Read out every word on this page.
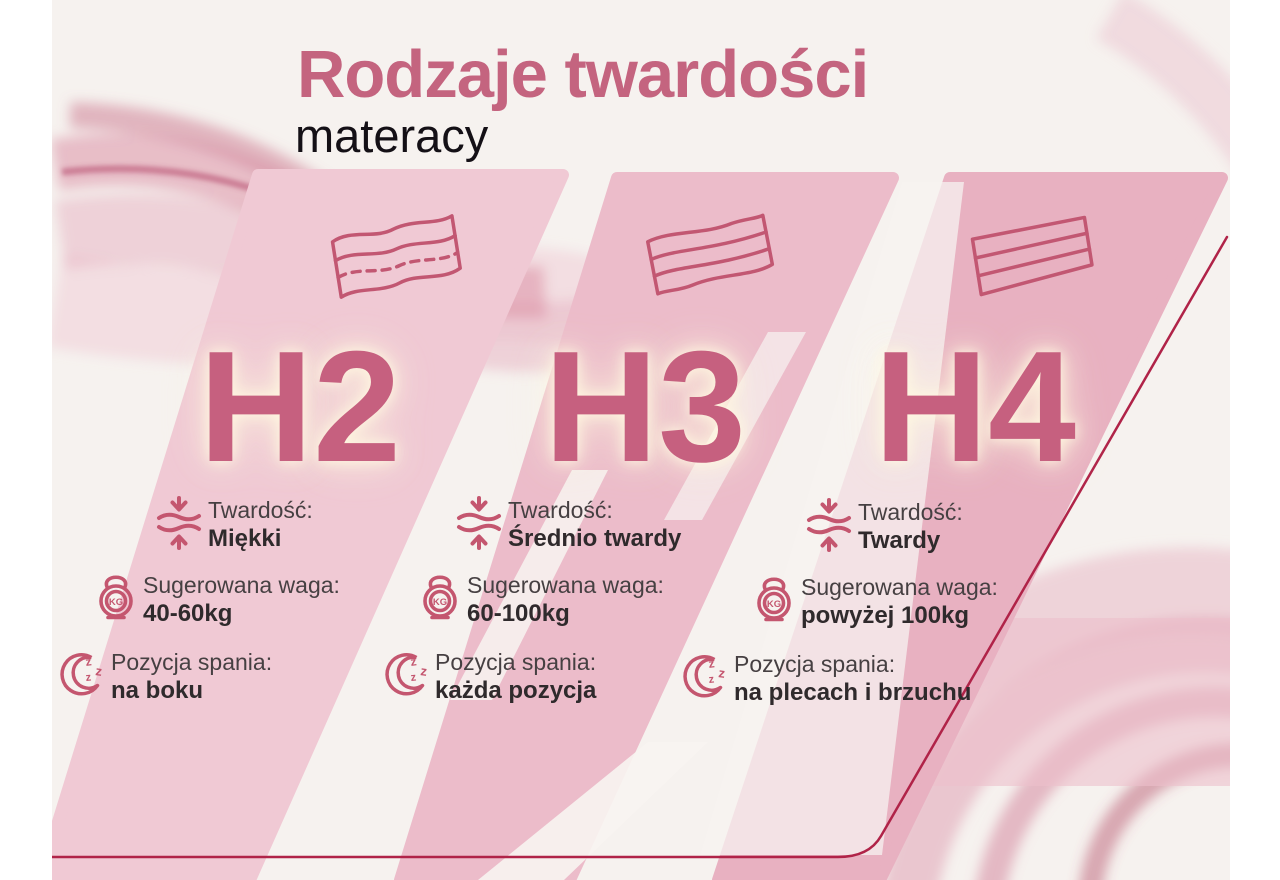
Rodzaje twardości
materacy
H2 H3 H4
Twardość:
Miękki
KG
Sugerowana waga:
40-60kg
z
z
z
Pozycja spania:
na boku
Twardość:
Średnio twardy
KG
Sugerowana waga:
60-100kg
z
z
z
Pozycja spania:
każda pozycja
Twardość:
Twardy
KG
Sugerowana waga:
powyżej 100kg
z
z
z
Pozycja spania:
na plecach i brzuchu
